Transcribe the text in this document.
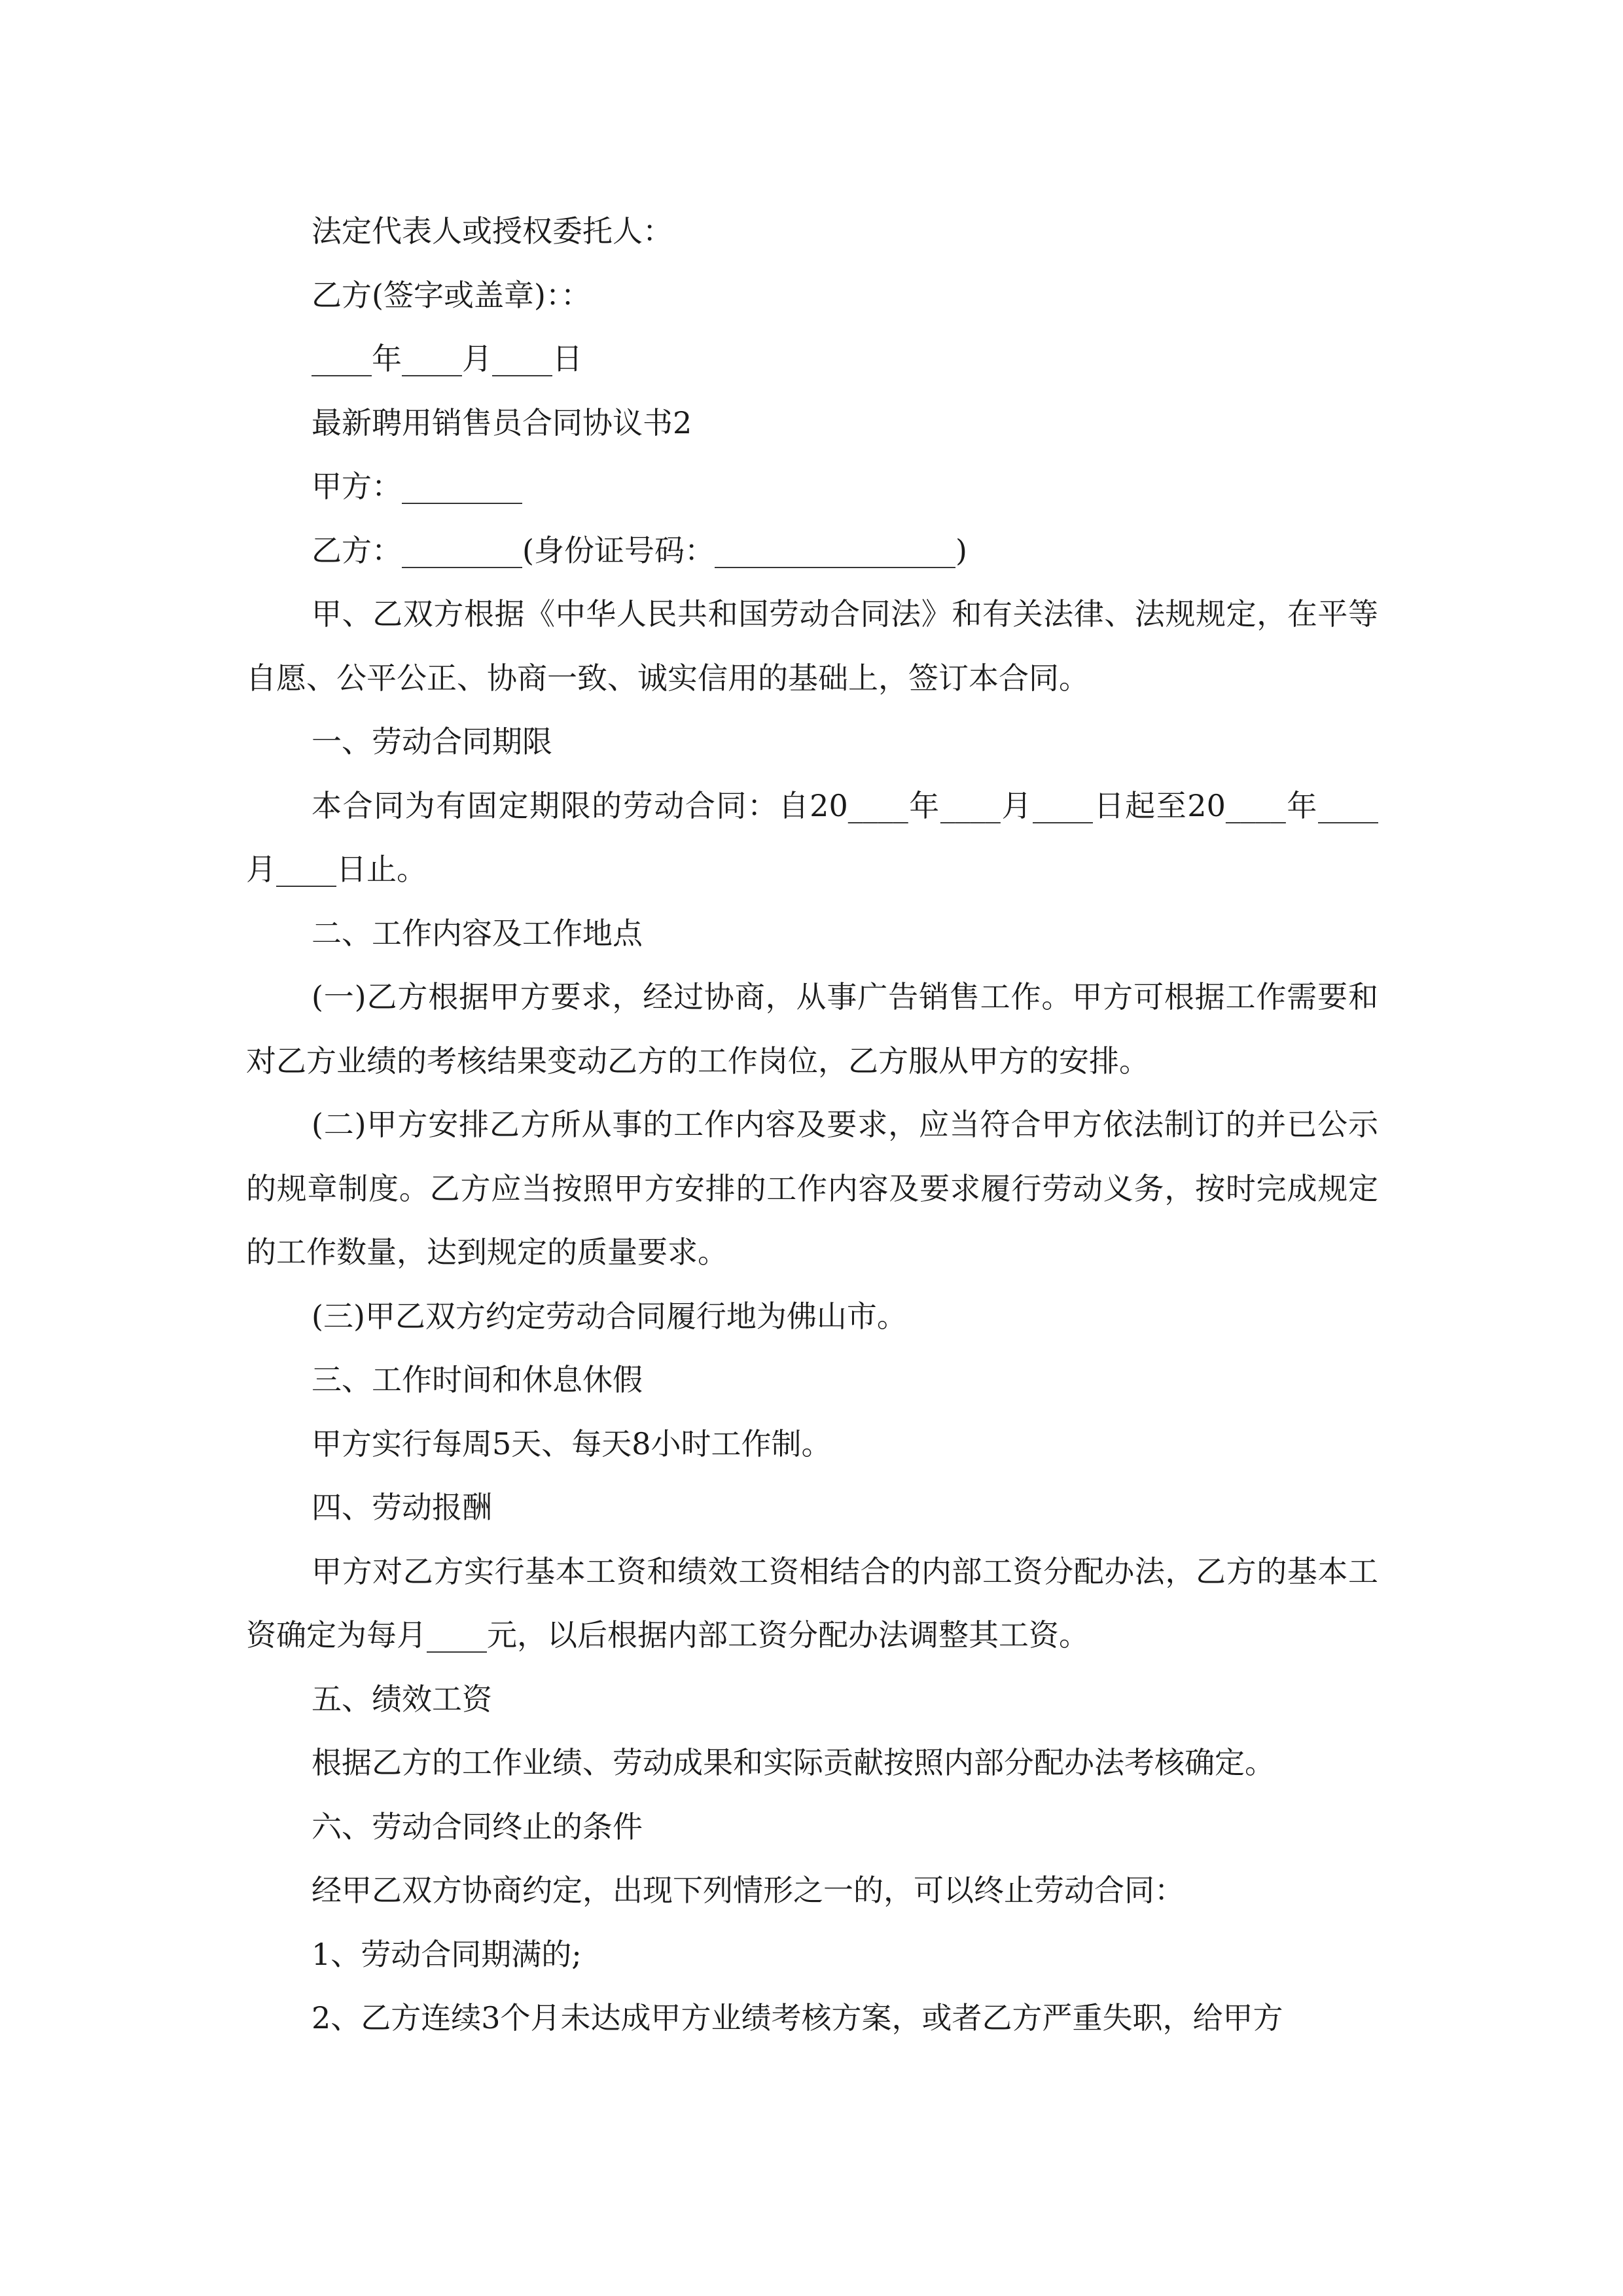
法定代表人或授权委托人：

乙方(签字或盖章)：：

____年____月____日

最新聘用销售员合同协议书2

甲方：________

乙方：________(身份证号码：________________)

甲、乙双方根据《中华人民共和国劳动合同法》和有关法律、法规规定，在平等自愿、公平公正、协商一致、诚实信用的基础上，签订本合同。

一、劳动合同期限

本合同为有固定期限的劳动合同：自20____年____月____日起至20____年____月____日止。

二、工作内容及工作地点

(一)乙方根据甲方要求，经过协商，从事广告销售工作。甲方可根据工作需要和对乙方业绩的考核结果变动乙方的工作岗位，乙方服从甲方的安排。

(二)甲方安排乙方所从事的工作内容及要求，应当符合甲方依法制订的并已公示的规章制度。乙方应当按照甲方安排的工作内容及要求履行劳动义务，按时完成规定的工作数量，达到规定的质量要求。

(三)甲乙双方约定劳动合同履行地为佛山市。

三、工作时间和休息休假

甲方实行每周5天、每天8小时工作制。

四、劳动报酬

甲方对乙方实行基本工资和绩效工资相结合的内部工资分配办法，乙方的基本工资确定为每月____元，以后根据内部工资分配办法调整其工资。

五、绩效工资

根据乙方的工作业绩、劳动成果和实际贡献按照内部分配办法考核确定。

六、劳动合同终止的条件

经甲乙双方协商约定，出现下列情形之一的，可以终止劳动合同：

1、劳动合同期满的;

2、乙方连续3个月未达成甲方业绩考核方案，或者乙方严重失职，给甲方
